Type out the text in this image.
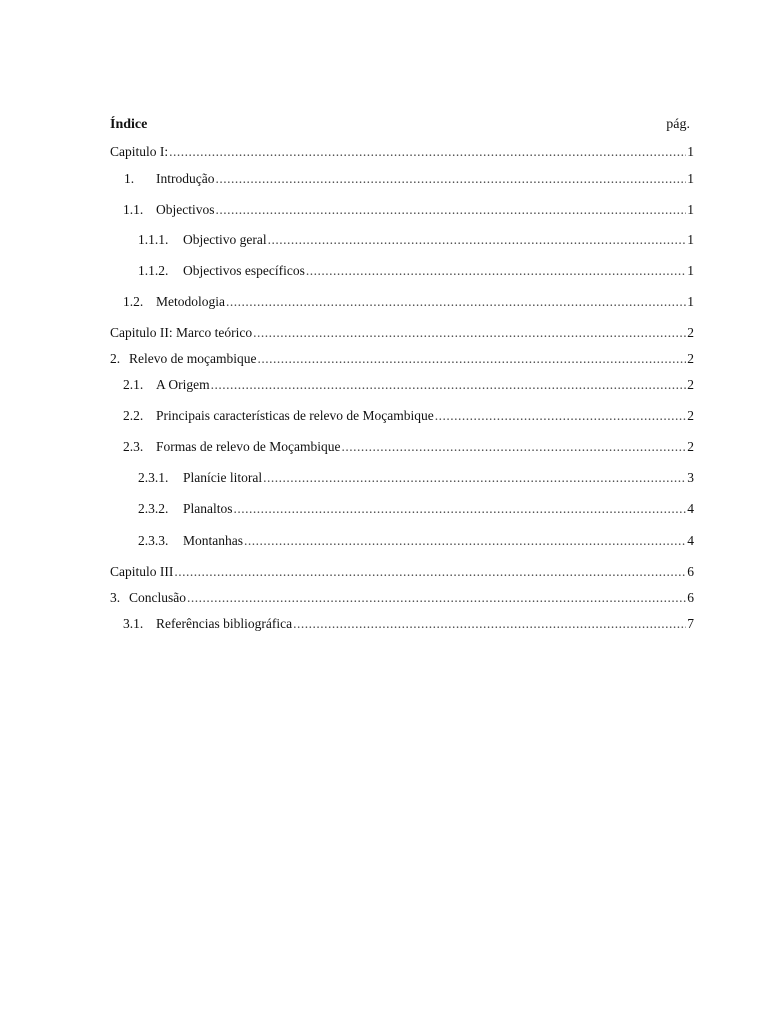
Índice	pág.
Capitulo I: .....	1
1.	Introdução .....	1
1.1. Objectivos .....	1
1.1.1.	Objectivo geral .....	1
1.1.2.	Objectivos específicos .....	1
1.2. Metodologia .....	1
Capitulo II: Marco teórico .....	2
2. Relevo de moçambique .....	2
2.1. A Origem .....	2
2.2. Principais características de relevo de Moçambique .....	2
2.3. Formas de relevo de Moçambique .....	2
2.3.1.	Planície litoral .....	3
2.3.2.	Planaltos .....	4
2.3.3.	Montanhas .....	4
Capitulo III .....	6
3. Conclusão .....	6
3.1. Referências bibliográfica .....	7
